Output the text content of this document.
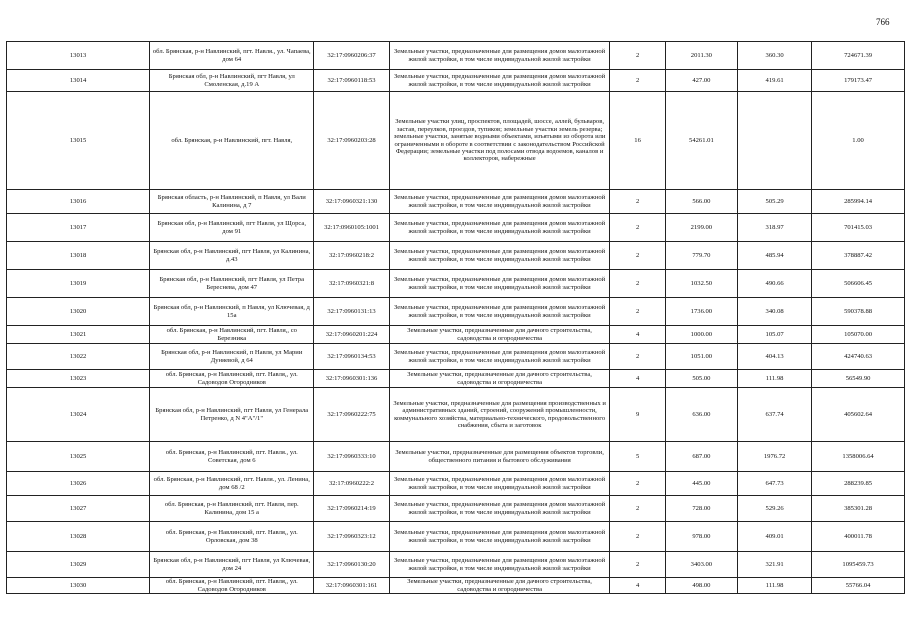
766
13013	обл. Брянская, р-н Навлинский, пгт. Навля., ул. Чапаева, дом 64	32:17:0960206:37	Земельные участки, предназначенные для размещения домов малоэтажной жилой застройки, в том числе индивидуальной жилой застройки	2	2011.30	360.30	724671.39
13014	Брянская обл, р-н Навлинский, пгт Навля, ул Смоленская, д.19 А	32:17:0960118:53	Земельные участки, предназначенные для размещения домов малоэтажной жилой застройки, в том числе индивидуальной жилой застройки	2	427.00	419.61	179173.47
13015	обл. Брянская, р-н Навлинский, пгт. Навля,	32:17:0960203:28	Земельные участки улиц, проспектов, площадей, шоссе, аллей, бульваров, застав, переулков, проездов, тупиков; земельные участки земель резерва; земельные участки, занятые водными объектами, изъятыми из оборота или ограниченными в обороте в соответствии с законодательством Российской Федерации; земельные участки под полосами отвода водоемов, каналов и коллекторов, набережные	16	54261.01		1.00
13016	Брянская область, р-н Навлинский, п Навля, ул Вали Калинина, д 7	32:17:0960321:130	Земельные участки, предназначенные для размещения домов малоэтажной жилой застройки, в том числе индивидуальной жилой застройки	2	566.00	505.29	285994.14
13017	Брянская обл, р-н Навлинский, пгт Навля, ул Щорса, дом 91	32:17:0960105:1001	Земельные участки, предназначенные для размещения домов малоэтажной жилой застройки, в том числе индивидуальной жилой застройки	2	2199.00	318.97	701415.03
13018	Брянская обл, р-н Навлинский, пгт Навля, ул Калинина, д.43	32:17:0960218:2	Земельные участки, предназначенные для размещения домов малоэтажной жилой застройки, в том числе индивидуальной жилой застройки	2	779.70	485.94	378887.42
13019	Брянская обл, р-н Навлинский, пгт Навля, ул Петра Береснева, дом 47	32:17:0960321:8	Земельные участки, предназначенные для размещения домов малоэтажной жилой застройки, в том числе индивидуальной жилой застройки	2	1032.50	490.66	506606.45
13020	Брянская обл, р-н Навлинский, п Навля, ул Ключевая, д 15а	32:17:0960131:13	Земельные участки, предназначенные для размещения домов малоэтажной жилой застройки, в том числе индивидуальной жилой застройки	2	1736.00	340.08	590378.88
13021	обл. Брянская, р-н Навлинский, пгт. Навля,, со Березника	32:17:0960201:224	Земельные участки, предназначенные для дачного строительства, садоводства и огородничества	4	1000.00	105.07	105070.00
13022	Брянская обл, р-н Навлинский, п Навля, ул Марии Дуняевой, д 64	32:17:0960134:53	Земельные участки, предназначенные для размещения домов малоэтажной жилой застройки, в том числе индивидуальной жилой застройки	2	1051.00	404.13	424740.63
13023	обл. Брянская, р-н Навлинский, пгт. Навля,, ул. Садоводов Огородников	32:17:0960301:136	Земельные участки, предназначенные для дачного строительства, садоводства и огородничества	4	505.00	111.98	56549.90
13024	Брянская обл, р-н Навлинский, пгт Навля, ул Генерала Петренко, д N 4"А"/1"	32:17:0960222:75	Земельные участки, предназначенные для размещения производственных и административных зданий, строений, сооружений промышленности, коммунального хозяйства, материально-технического, продовольственного снабжения, сбыта и заготовок	9	636.00	637.74	405602.64
13025	обл. Брянская, р-н Навлинский, пгт. Навля., ул. Советская, дом 6	32:17:0960333:10	Земельные участки, предназначенные для размещения объектов торговли, общественного питания и бытового обслуживания	5	687.00	1976.72	1358006.64
13026	обл. Брянская, р-н Навлинский, пгт. Навля., ул. Ленина, дом 68 /2	32:17:0960222:2	Земельные участки, предназначенные для размещения домов малоэтажной жилой застройки, в том числе индивидуальной жилой застройки	2	445.00	647.73	288239.85
13027	обл. Брянская, р-н Навлинский, пгт. Навля, пер. Калинина, дом 15 а	32:17:0960214:19	Земельные участки, предназначенные для размещения домов малоэтажной жилой застройки, в том числе индивидуальной жилой застройки	2	728.00	529.26	385301.28
13028	обл. Брянская, р-н Навлинский, пгт. Навля,, ул. Орловская, дом 38	32:17:0960323:12	Земельные участки, предназначенные для размещения домов малоэтажной жилой застройки, в том числе индивидуальной жилой застройки	2	978.00	409.01	400011.78
13029	Брянская обл, р-н Навлинский, пгт Навля, ул Ключевая, дом 24	32:17:0960130:20	Земельные участки, предназначенные для размещения домов малоэтажной жилой застройки, в том числе индивидуальной жилой застройки	2	3403.00	321.91	1095459.73
13030	обл. Брянская, р-н Навлинский, пгт. Навля,, ул. Садоводов Огородников	32:17:0960301:161	Земельные участки, предназначенные для дачного строительства, садоводства и огородничества	4	498.00	111.98	55766.04
